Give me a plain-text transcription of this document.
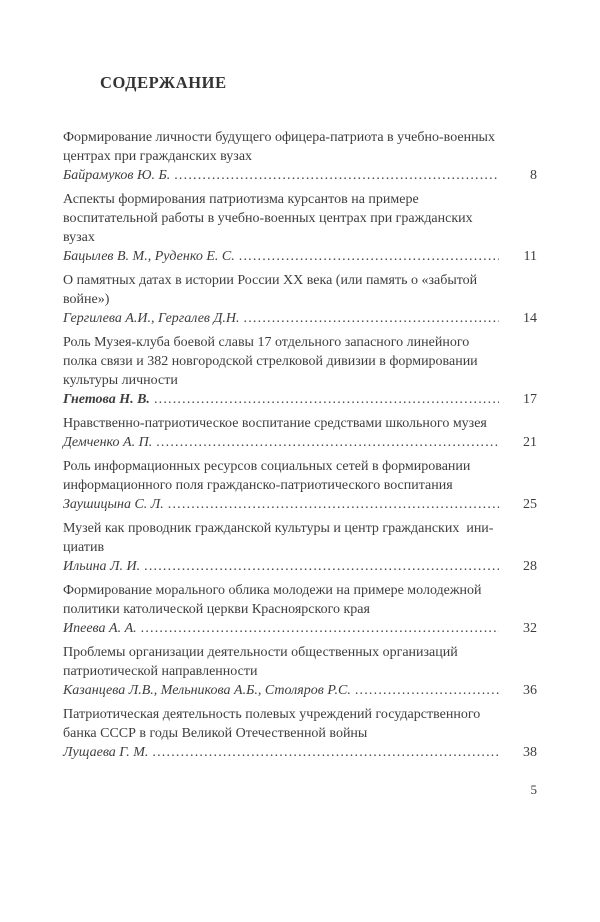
СОДЕРЖАНИЕ
Формирование личности будущего офицера-патриота в учебно-военных
центрах при гражданских вузах
Байрамуков Ю. Б. .....	8
Аспекты формирования патриотизма курсантов на примере
воспитательной работы в учебно-военных центрах при гражданских
вузах
Бацылев В. М., Руденко Е. С. .....	11
О памятных датах в истории России ХХ века (или память о «забытой
войне»)
Гергилева А.И., Гергалев Д.Н. .....	14
Роль Музея-клуба боевой славы 17 отдельного запасного линейного
полка связи и 382 новгородской стрелковой дивизии в формировании
культуры личности
Гнетова Н. В. .....	17
Нравственно-патриотическое воспитание средствами школьного музея
Демченко А. П. .....	21
Роль информационных ресурсов социальных сетей в формировании
информационного поля гражданско-патриотического воспитания
Заушицына С. Л. .....	25
Музей как проводник гражданской культуры и центр гражданских  ини-
циатив
Ильина Л. И. .....	28
Формирование морального облика молодежи на примере молодежной
политики католической церкви Красноярского края
Ипеева А. А. .....	32
Проблемы организации деятельности общественных организаций
патриотической направленности
Казанцева Л.В., Мельникова А.Б., Столяров Р.С. .....	36
Патриотическая деятельность полевых учреждений государственного
банка СССР в годы Великой Отечественной войны
Лущаева Г. М. .....	38
5
